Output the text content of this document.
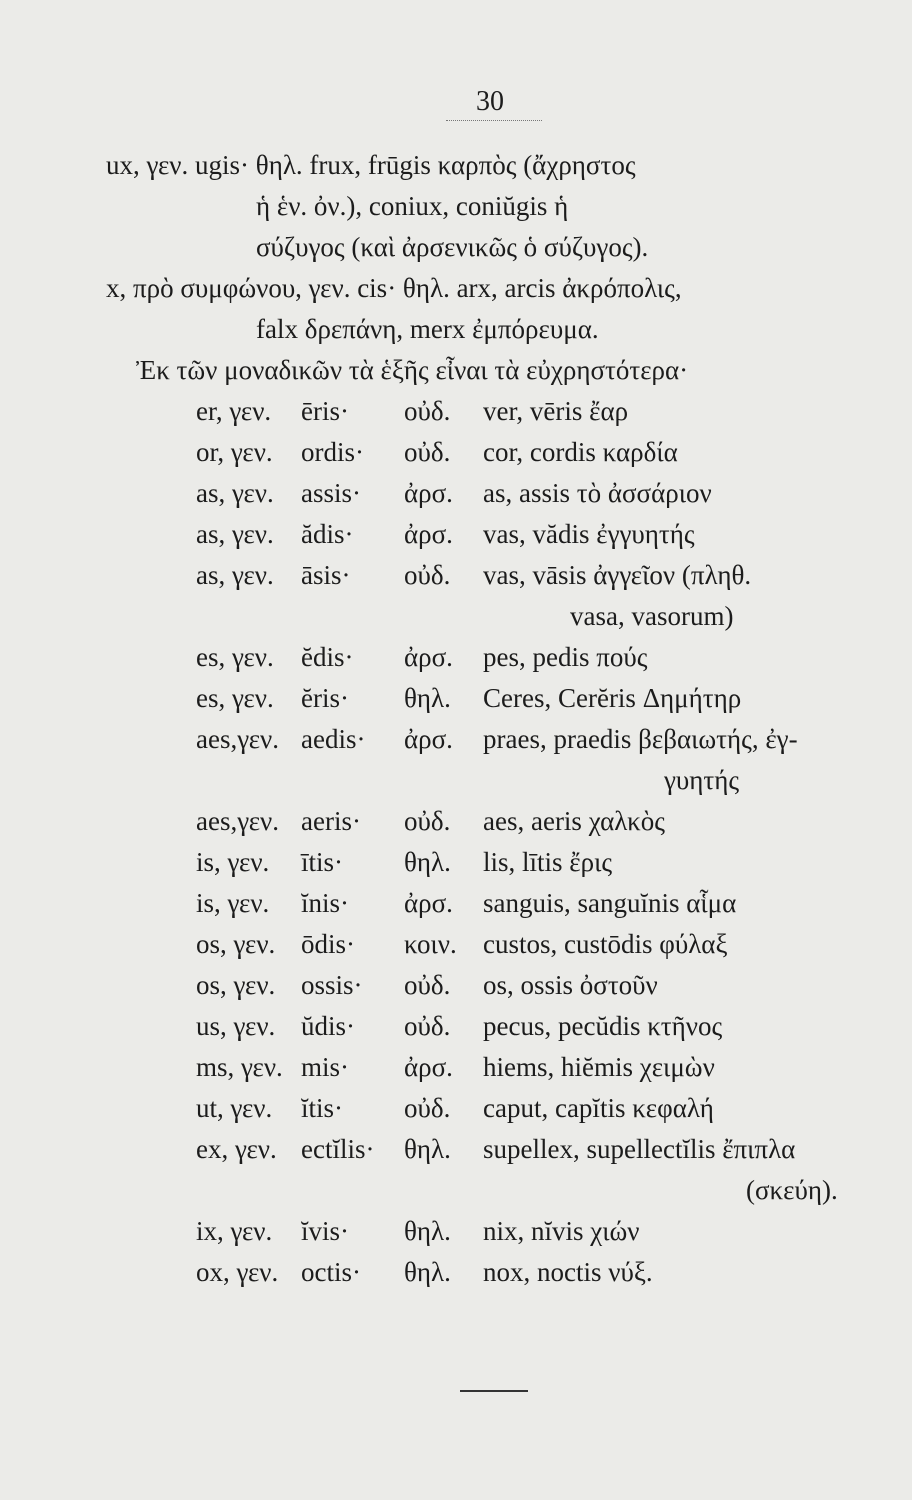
30
ux, γεν. ugis· θηλ. frux, frūgis καρπὸς (ἄχρηστος
ἡ ἑν. ὀν.), coniux, coniŭgis ἡ
σύζυγος (καὶ ἀρσενικῶς ὁ σύζυγος).
x, πρὸ συμφώνου, γεν. cis· θηλ. arx, arcis ἀκρόπολις,
falx δρεπάνη, merx ἐμπόρευμα.
Ἐκ τῶν μοναδικῶν τὰ ἑξῆς εἶναι τὰ εὐχρηστότερα·
er, γεν. ēris· οὐδ. ver, vēris ἔαρ
or, γεν. ordis· οὐδ. cor, cordis καρδία
as, γεν. assis· ἀρσ. as, assis τὸ ἀσσάριον
as, γεν. ădis· ἀρσ. vas, vădis ἐγγυητής
as, γεν. āsis· οὐδ. vas, vāsis ἀγγεῖον (πληθ.
vasa, vasorum)
es, γεν. ĕdis· ἀρσ. pes, pedis πούς
es, γεν. ĕris· θηλ. Ceres, Cerĕris Δημήτηρ
aes,γεν. aedis· ἀρσ. praes, praedis βεβαιωτής, ἐγ-
γυητής
aes,γεν. aeris· οὐδ. aes, aeris χαλκὸς
is, γεν. ītis· θηλ. lis, lītis ἔρις
is, γεν. ĭnis· ἀρσ. sanguis, sanguĭnis αἷμα
os, γεν. ōdis· κοιν. custos, custōdis φύλαξ
os, γεν. ossis· οὐδ. os, ossis ὀστοῦν
us, γεν. ŭdis· οὐδ. pecus, pecŭdis κτῆνος
ms, γεν. mis· ἀρσ. hiems, hiĕmis χειμὼν
ut, γεν. ĭtis· οὐδ. caput, capĭtis κεφαλή
ex, γεν. ectĭlis· θηλ. supellex, supellectĭlis ἔπιπλα
(σκεύη).
ix, γεν. ĭvis· θηλ. nix, nĭvis χιών
ox, γεν. octis· θηλ. nox, noctis νύξ.
